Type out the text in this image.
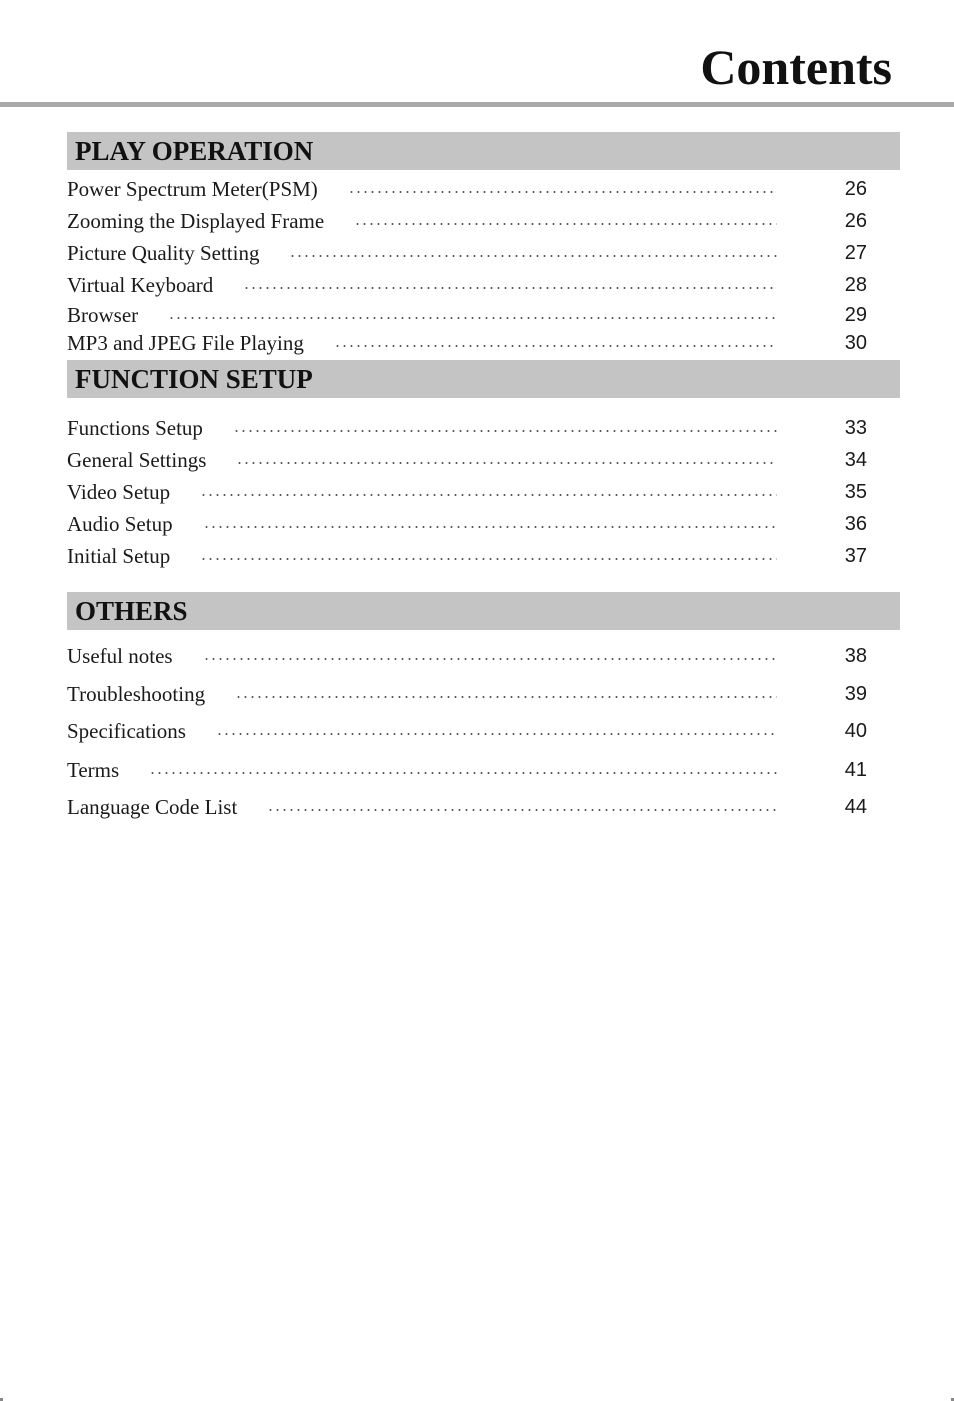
Contents
PLAY OPERATION
Power Spectrum Meter(PSM)	26
Zooming the Displayed Frame	26
Picture Quality Setting	27
Virtual Keyboard	28
Browser	29
MP3 and JPEG File Playing	30
FUNCTION SETUP
Functions Setup	33
General Settings	34
Video Setup	35
Audio Setup	36
Initial Setup	37
OTHERS
Useful notes	38
Troubleshooting	39
Specifications	40
Terms	41
Language Code List	44
